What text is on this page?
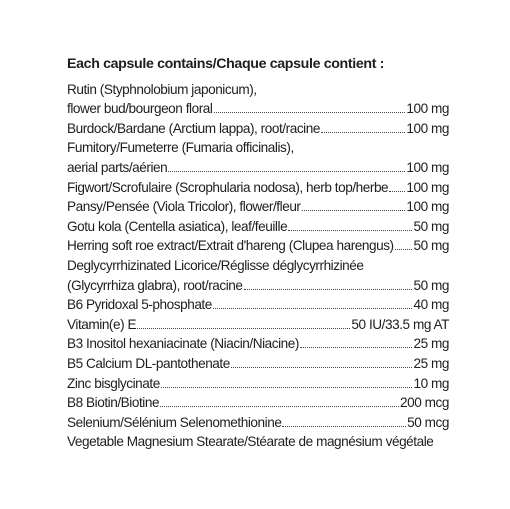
Each capsule contains/Chaque capsule contient :
Rutin (Styphnolobium japonicum),
flower bud/bourgeon floral	100 mg
Burdock/Bardane (Arctium lappa), root/racine	100 mg
Fumitory/Fumeterre (Fumaria officinalis),
aerial parts/aérien	100 mg
Figwort/Scrofulaire (Scrophularia nodosa), herb top/herbe 100 mg
Pansy/Pensée (Viola Tricolor), flower/fleur	100 mg
Gotu kola (Centella asiatica), leaf/feuille	50 mg
Herring soft roe extract/Extrait d'hareng (Clupea harengus) 50 mg
Deglycyrrhizinated Licorice/Réglisse déglycyrrhizinée
(Glycyrrhiza glabra), root/racine	50 mg
B6 Pyridoxal 5-phosphate	40 mg
Vitamin(e) E	50 IU/33.5 mg AT
B3 Inositol hexaniacinate (Niacin/Niacine)	25 mg
B5 Calcium DL-pantothenate	25 mg
Zinc bisglycinate	10 mg
B8 Biotin/Biotine	200 mcg
Selenium/Sélénium Selenomethionine	50 mcg
Vegetable Magnesium Stearate/Stéarate de magnésium végétale
